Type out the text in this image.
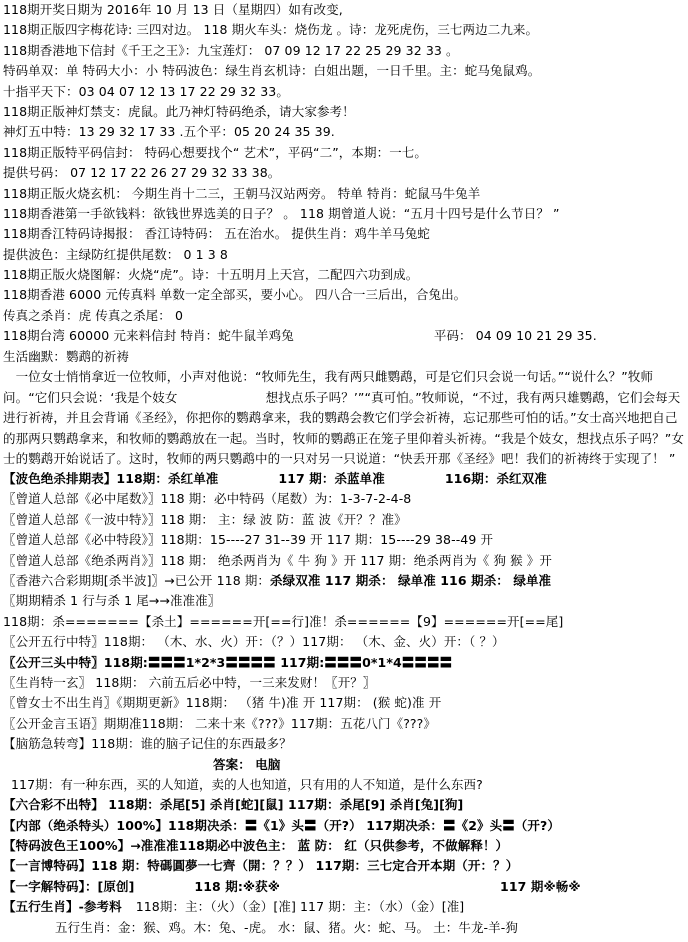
118期开奖日期为 2016年 10 月 13 日（星期四）如有改变,
118期正版四字梅花诗: 三四对边。 118 期火车头：烧伤龙 。诗：龙死虎伤，三七两边二九来。
118期香港地下信封《千王之王》：九宝莲灯： 07 09 12 17 22 25 29 32 33 。
特码单双：单 特码大小：小 特码波色：绿生肖玄机诗：白姐出题，一日千里。主：蛇马兔鼠鸡。
十指平天下：03 04 07 12 13 17 22 29 32 33。
118期正版神灯禁支：虎鼠。此乃神灯特码绝杀，请大家参考！
神灯五中特：13 29 32 17 33 .五个平：05 20 24 35 39.
118期正版特平码信封： 特码心想要找个“ 艺术”，平码“二”，本期：一七。
提供号码： 07 12 17 22 26 27 29 32 33 38。
118期正版火烧玄机： 今期生肖十二三，王朝马汉站两旁。 特单 特肖：蛇鼠马牛兔羊
118期香港第一手欲钱料：欲钱世界选美的日子？ 。 118 期曾道人说：“五月十四号是什么节日？ ”
118期香江特码诗揭报： 香江诗特码： 五在治水。 提供生肖：鸡牛羊马兔蛇
提供波色：主绿防红提供尾数： 0 1 3 8
118期正版火烧图解：火烧“虎”。诗：十五明月上天宫，二配四六功到成。
118期香港 6000 元传真料 单数一定全部买，要小心。 四八合一三后出，合兔出。
传真之杀肖：虎 传真之杀尾： 0
118期台湾 60000 元来料信封 特肖：蛇牛鼠羊鸡兔	平码： 04 09 10 21 29 35.
生活幽默：鹦鹉的祈祷
　一位女士悄悄拿近一位牧师，小声对他说：“牧师先生，我有两只雌鹦鹉，可是它们只会说一句话。”“说什么？”牧师问。“它们只会说：‘我是个妓女　　　　　　　想找点乐子吗？’”“真可怕。”牧师说，“不过，我有两只雄鹦鹉，它们会每天进行祈祷，并且会背诵《圣经》，你把你的鹦鹉拿来，我的鹦鹉会教它们学会祈祷，忘记那些可怕的话。”女士高兴地把自己的那两只鹦鹉拿来，和牧师的鹦鹉放在一起。当时，牧师的鹦鹉正在笼子里仰着头祈祷。“我是个妓女，想找点乐子吗？”女士的鹦鹉开始说话了。这时，牧师的两只鹦鹉中的一只对另一只说道：“快丢开那《圣经》吧！我们的祈祷终于实现了！ ”
【波色绝杀排期表】118期：杀红单准	117 期：杀蓝单准	116期：杀红双准
〖曾道人总部《必中尾数》〗118 期：必中特码（尾数）为：1-3-7-2-4-8
〖曾道人总部《一波中特》〗118 期： 主：绿 波 防：蓝 波《开？？准》
〖曾道人总部《必中特段》〗118期：15----27 31--39 开 117 期：15----29 38--49 开
〖曾道人总部《绝杀两肖》〗118 期： 绝杀两肖为《 牛 狗 》开 117 期：绝杀两肖为《 狗 猴 》开
〖香港六合彩期期[杀半波]〗→已公开 118 期：杀绿双准 117 期杀： 绿单准 116 期杀： 绿单准
〖期期精杀 1 行与杀 1 尾→→准准准〗
118期：杀=======【杀土】======开[==行]准！杀======【9】======开[==尾]
〖公开五行中特〗118期： （木、水、火）开：（？）117期： （木、金、火）开：（ ？）
〖公开三头中特〗118期:〓〓〓1*2*3〓〓〓〓 117期:〓〓〓0*1*4〓〓〓〓
〖生肖特一玄〗 118期： 六前五后必中特，一三来发财！〖开？〗
〖曾女士不出生肖〗《期期更新》118期： （猪 牛)准 开 117期： (猴 蛇)准 开
〖公开金言玉语〗期期准118期： 二来十来《???》117期：五花八门《???》
【脑筋急转弯】118期：谁的脑子记住的东西最多？
答案： 电脑
117期：有一种东西，买的人知道，卖的人也知道，只有用的人不知道，是什么东西?
【六合彩不出特】 118期：杀尾[5] 杀肖[蛇][鼠] 117期：杀尾[9] 杀肖[兔][狗]
【内部（绝杀特头）100%】118期决杀：〓《1》头〓（开?） 117期决杀：〓《2》头〓（开?）
【特码波色王100%】→准准准118期必中波色主： 蓝 防： 红（只供参考，不做解释！）
【一言博特码】118 期：特碼圓夢一七齊（開：？？） 117期：三七定合开本期（开：？）
【一字解特码】：[原创]	118 期:※获※	117 期※畅※
【五行生肖】-参考料 118期：主：（火）（金）[准] 117 期：主：（水）（金）[准]
五行生肖：金：猴、鸡。木：兔、-虎。 水：鼠、猪。火：蛇、马。 土：牛龙-羊-狗
